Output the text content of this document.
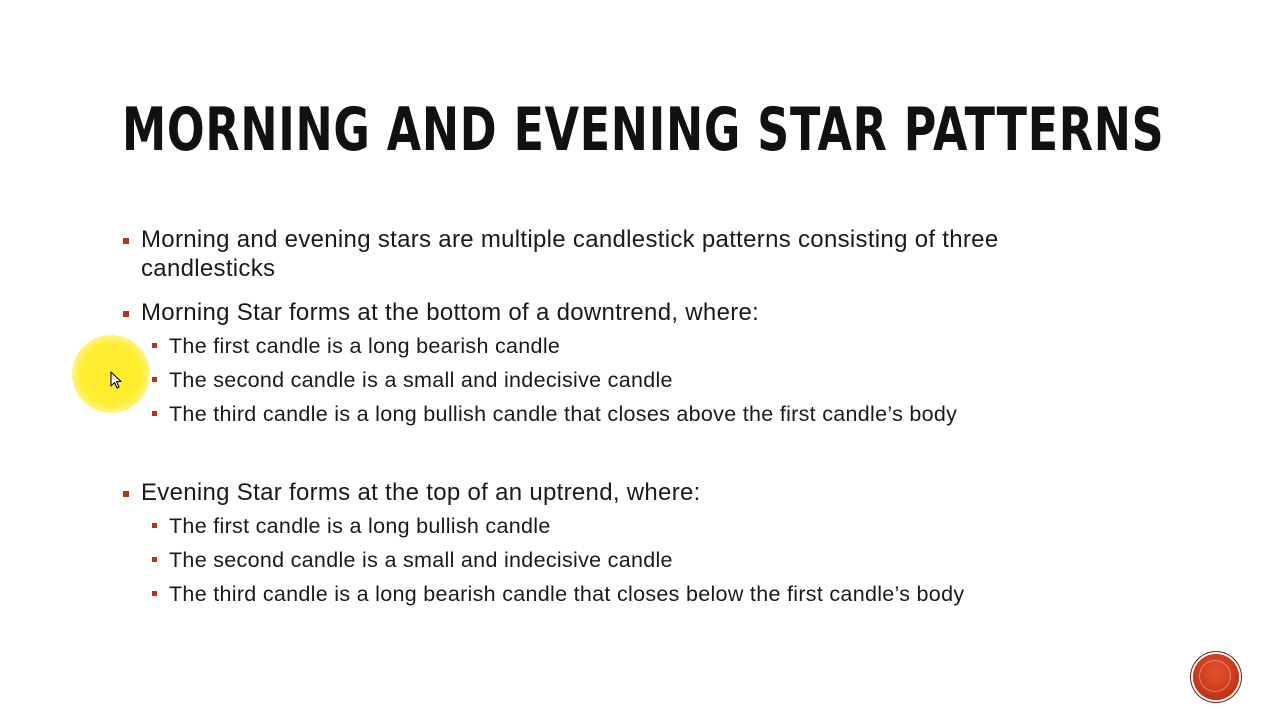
MORNING AND EVENING STAR PATTERNS
Morning and evening stars are multiple candlestick patterns consisting of three candlesticks
Morning Star forms at the bottom of a downtrend, where:
The first candle is a long bearish candle
The second candle is a small and indecisive candle
The third candle is a long bullish candle that closes above the first candle’s body
Evening Star forms at the top of an uptrend, where:
The first candle is a long bullish candle
The second candle is a small and indecisive candle
The third candle is a long bearish candle that closes below the first candle’s body
